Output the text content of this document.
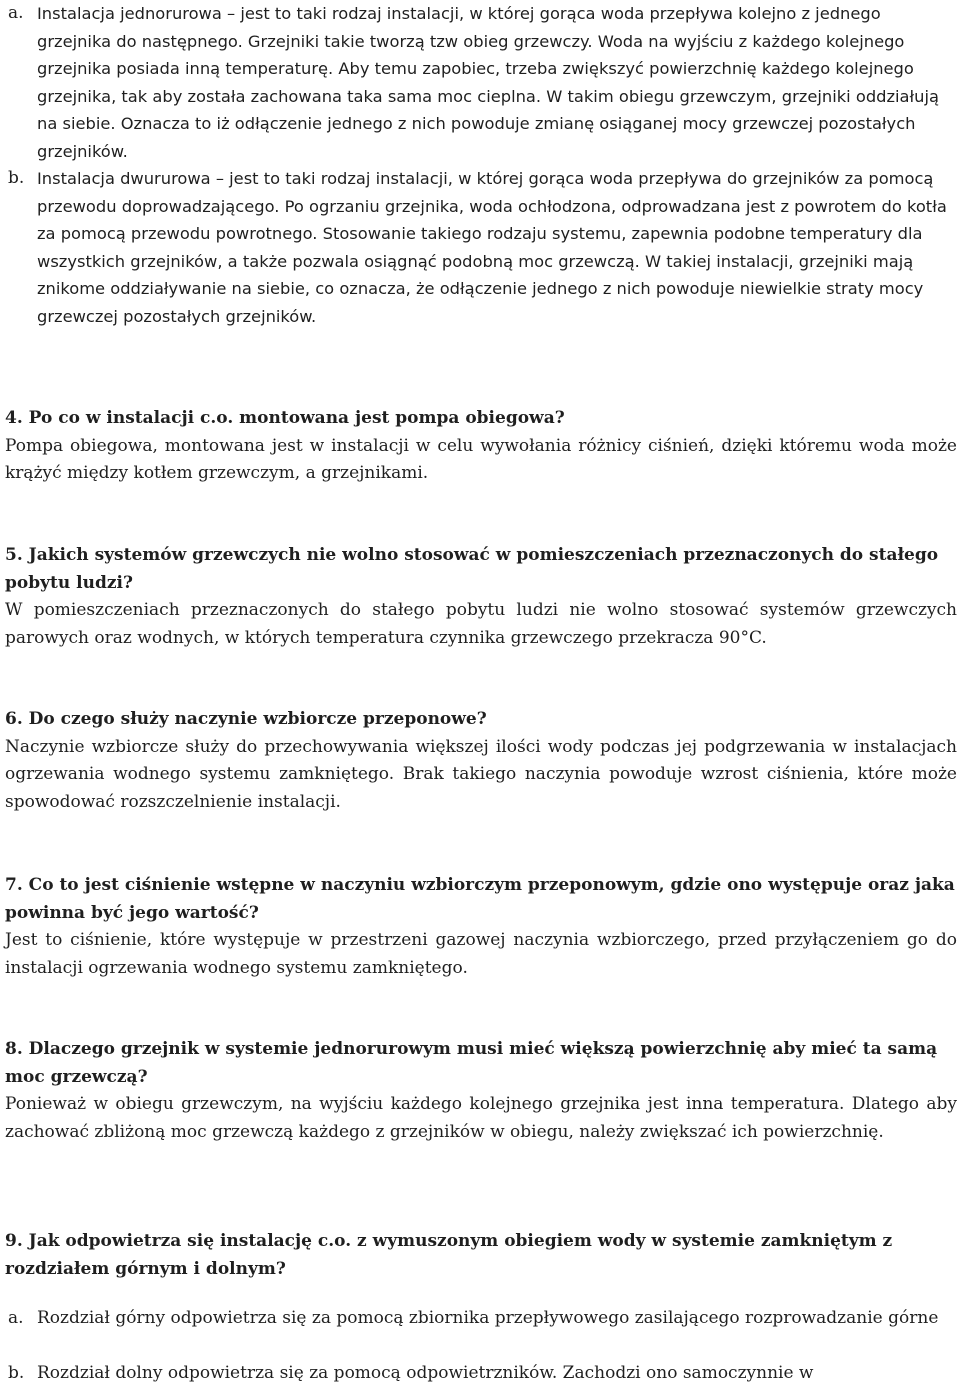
a. Instalacja jednorurowa – jest to taki rodzaj instalacji, w której gorąca woda przepływa kolejno z jednego grzejnika do następnego. Grzejniki takie tworzą tzw obieg grzewczy. Woda na wyjściu z każdego kolejnego grzejnika posiada inną temperaturę. Aby temu zapobiec, trzeba zwiększyć powierzchnię każdego kolejnego grzejnika, tak aby została zachowana taka sama moc cieplna. W takim obiegu grzewczym, grzejniki oddziałują na siebie. Oznacza to iż odłączenie jednego z nich powoduje zmianę osiąganej mocy grzewczej pozostałych grzejników.
b. Instalacja dwururowa – jest to taki rodzaj instalacji, w której gorąca woda przepływa do grzejników za pomocą przewodu doprowadzającego. Po ogrzaniu grzejnika, woda ochłodzona, odprowadzana jest z powrotem do kotła za pomocą przewodu powrotnego. Stosowanie takiego rodzaju systemu, zapewnia podobne temperatury dla wszystkich grzejników, a także pozwala osiągnąć podobną moc grzewczą. W takiej instalacji, grzejniki mają znikome oddziaływanie na siebie, co oznacza, że odłączenie jednego z nich powoduje niewielkie straty mocy grzewczej pozostałych grzejników.

4. Po co w instalacji c.o. montowana jest pompa obiegowa?

Pompa obiegowa, montowana jest w instalacji w celu wywołania różnicy ciśnień, dzięki któremu woda może krążyć między kotłem grzewczym, a grzejnikami.

5. Jakich systemów grzewczych nie wolno stosować w pomieszczeniach przeznaczonych do stałego pobytu ludzi?

W pomieszczeniach przeznaczonych do stałego pobytu ludzi nie wolno stosować systemów grzewczych parowych oraz wodnych, w których temperatura czynnika grzewczego przekracza 90°C.

6. Do czego służy naczynie wzbiorcze przeponowe?

Naczynie wzbiorcze służy do przechowywania większej ilości wody podczas jej podgrzewania w instalacjach ogrzewania wodnego systemu zamkniętego. Brak takiego naczynia powoduje wzrost ciśnienia, które może spowodować rozszczelnienie instalacji.

7. Co to jest ciśnienie wstępne w naczyniu wzbiorczym przeponowym, gdzie ono występuje oraz jaka powinna być jego wartość?

Jest to ciśnienie, które występuje w przestrzeni gazowej naczynia wzbiorczego, przed przyłączeniem go do instalacji ogrzewania wodnego systemu zamkniętego.

8. Dlaczego grzejnik w systemie jednorurowym musi mieć większą powierzchnię aby mieć ta samą moc grzewczą?

Ponieważ w obiegu grzewczym, na wyjściu każdego kolejnego grzejnika jest inna temperatura. Dlatego aby zachować zbliżoną moc grzewczą każdego z grzejników w obiegu, należy zwiększać ich powierzchnię.

9. Jak odpowietrza się instalację c.o. z wymuszonym obiegiem wody w systemie zamkniętym z rozdziałem górnym i dolnym?

a. Rozdział górny odpowietrza się za pomocą zbiornika przepływowego zasilającego rozprowadzanie górne
b. Rozdział dolny odpowietrza się za pomocą odpowietrzników. Zachodzi ono samoczynnie w
